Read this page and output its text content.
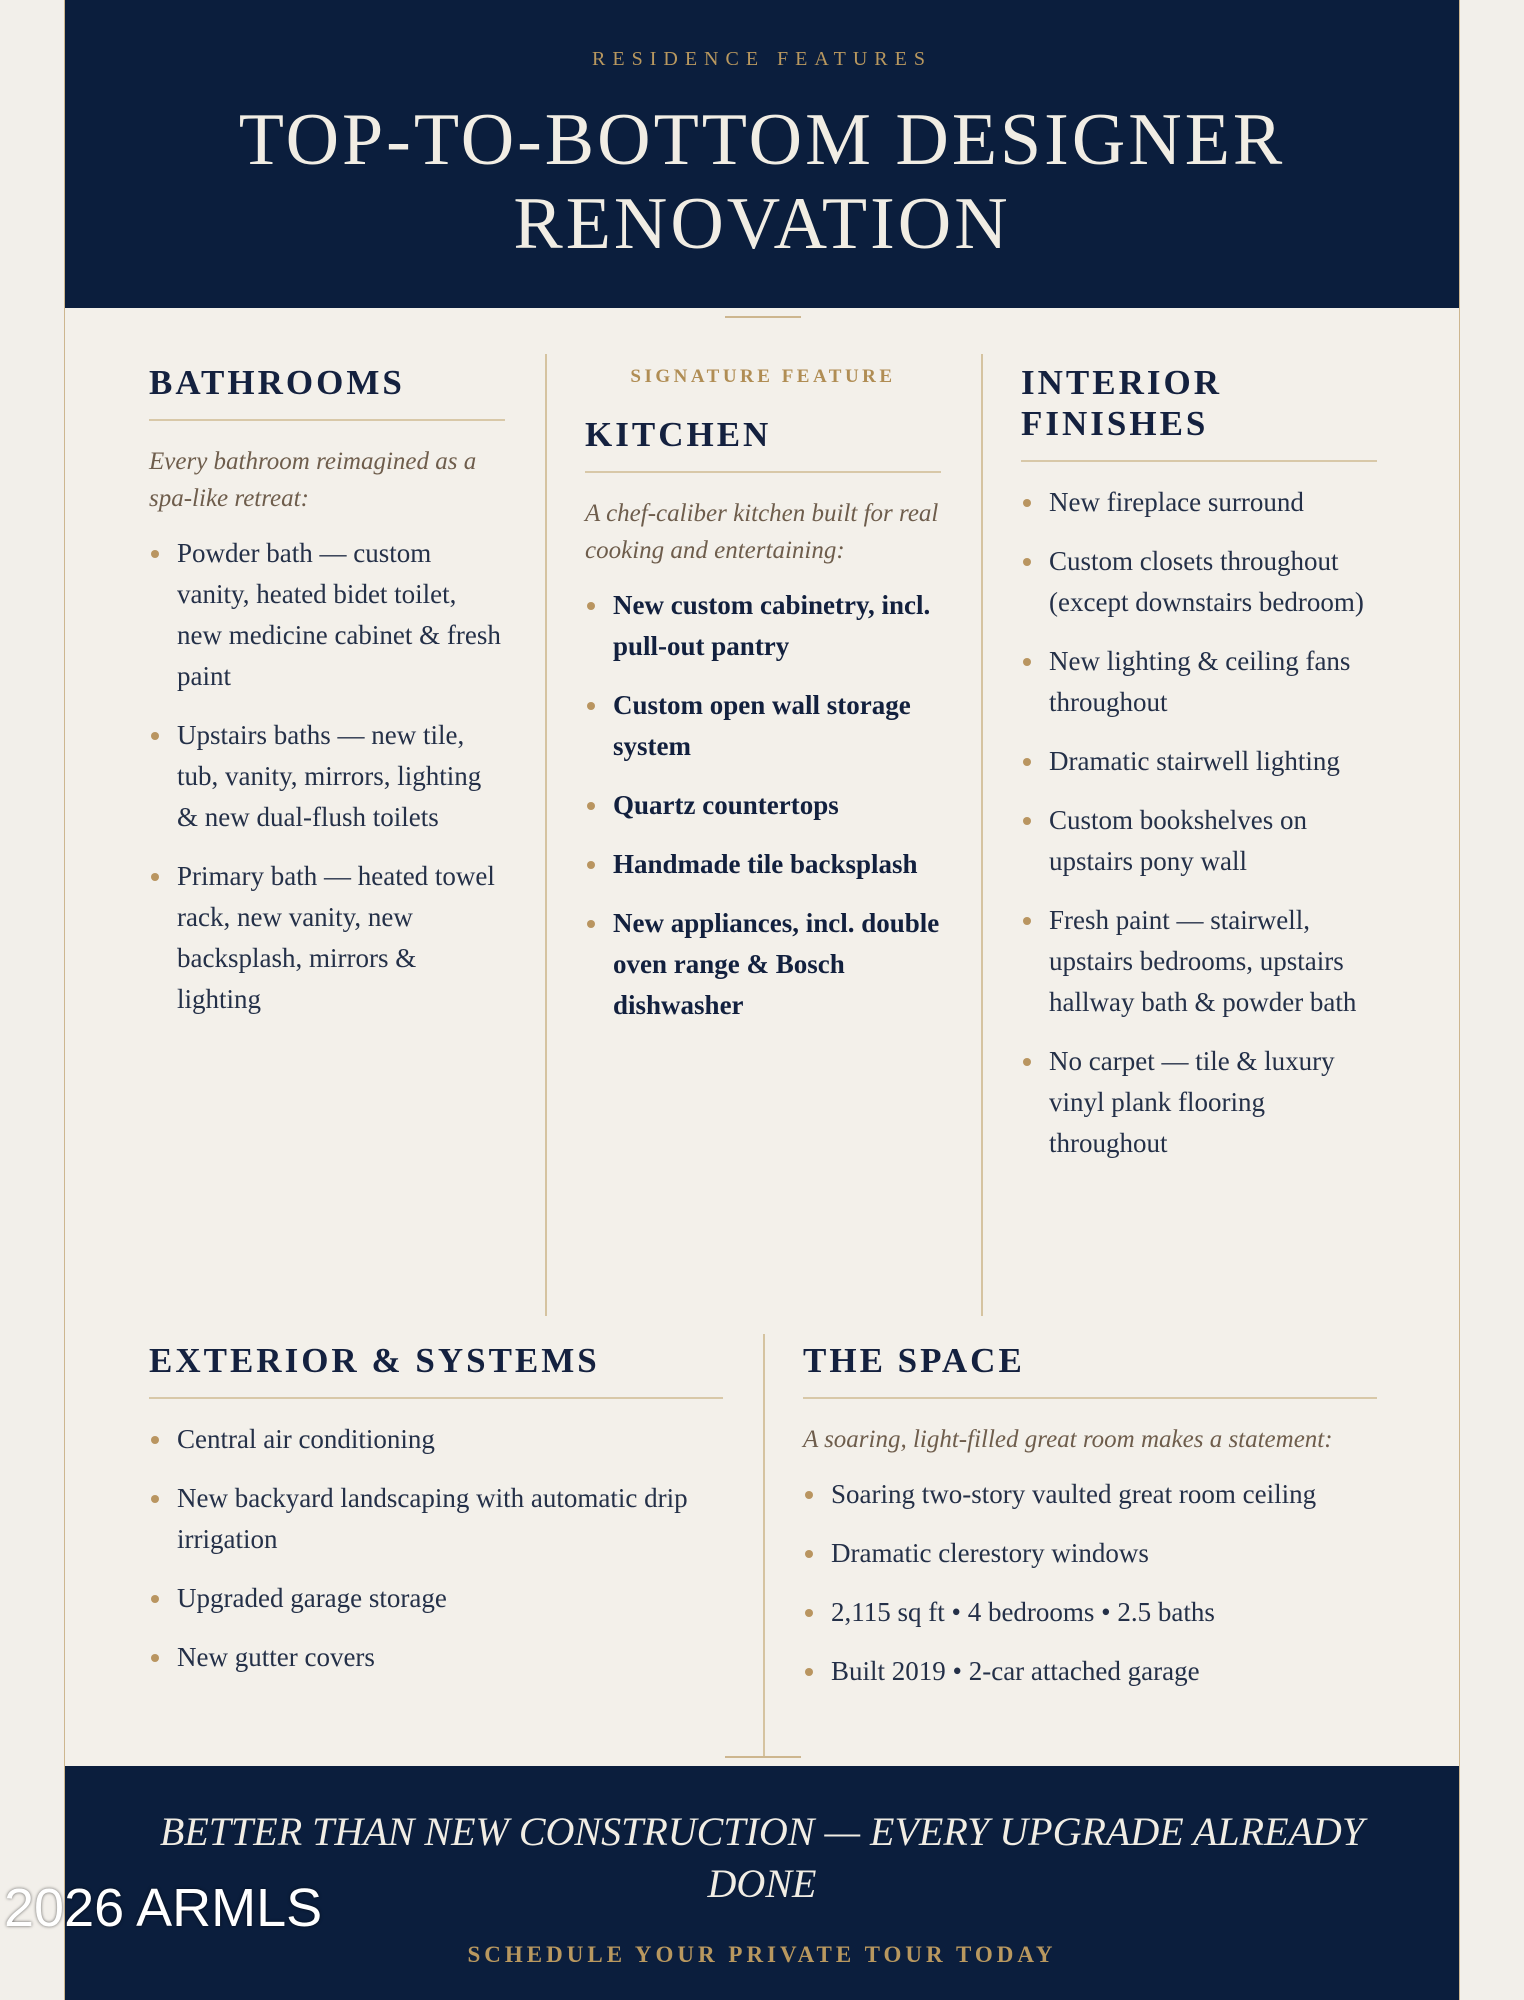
RESIDENCE FEATURES
TOP-TO-BOTTOM DESIGNER RENOVATION
BATHROOMS
Every bathroom reimagined as a spa-like retreat:
Powder bath — custom vanity, heated bidet toilet, new medicine cabinet & fresh paint
Upstairs baths — new tile, tub, vanity, mirrors, lighting & new dual-flush toilets
Primary bath — heated towel rack, new vanity, new backsplash, mirrors & lighting
SIGNATURE FEATURE
KITCHEN
A chef-caliber kitchen built for real cooking and entertaining:
New custom cabinetry, incl. pull-out pantry
Custom open wall storage system
Quartz countertops
Handmade tile backsplash
New appliances, incl. double oven range & Bosch dishwasher
INTERIOR FINISHES
New fireplace surround
Custom closets throughout (except downstairs bedroom)
New lighting & ceiling fans throughout
Dramatic stairwell lighting
Custom bookshelves on upstairs pony wall
Fresh paint — stairwell, upstairs bedrooms, upstairs hallway bath & powder bath
No carpet — tile & luxury vinyl plank flooring throughout
EXTERIOR & SYSTEMS
Central air conditioning
New backyard landscaping with automatic drip irrigation
Upgraded garage storage
New gutter covers
THE SPACE
A soaring, light-filled great room makes a statement:
Soaring two-story vaulted great room ceiling
Dramatic clerestory windows
2,115 sq ft • 4 bedrooms • 2.5 baths
Built 2019 • 2-car attached garage
BETTER THAN NEW CONSTRUCTION — EVERY UPGRADE ALREADY DONE
SCHEDULE YOUR PRIVATE TOUR TODAY
2026 ARMLS
